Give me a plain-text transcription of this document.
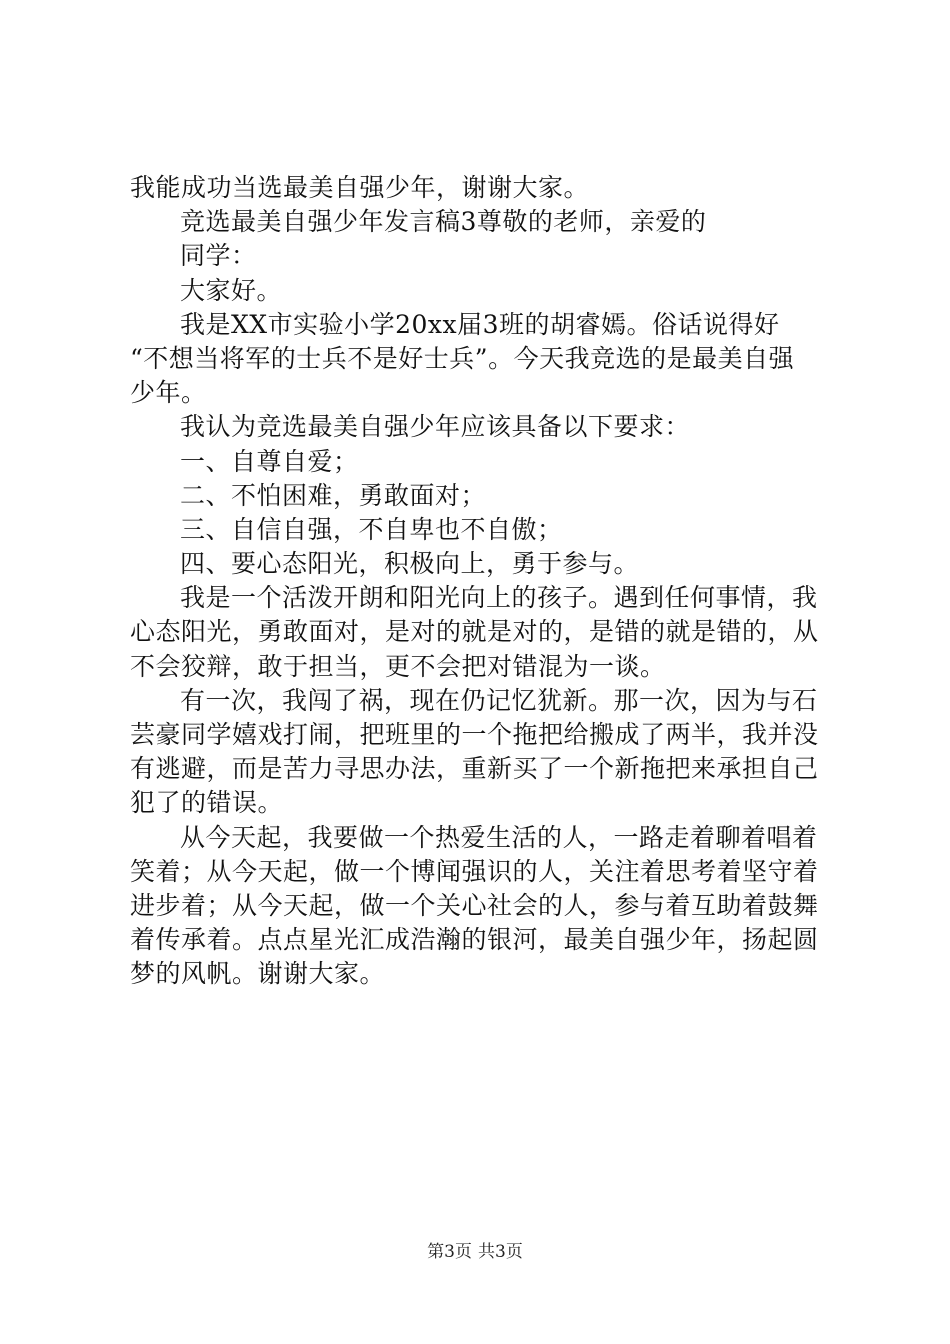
我能成功当选最美自强少年，谢谢大家。
竞选最美自强少年发言稿3尊敬的老师，亲爱的
同学：
大家好。
我是XX市实验小学20xx届3班的胡睿嫣。俗话说得好
“不想当将军的士兵不是好士兵”。今天我竞选的是最美自强
少年。
我认为竞选最美自强少年应该具备以下要求：
一、自尊自爱；
二、不怕困难，勇敢面对；
三、自信自强，不自卑也不自傲；
四、要心态阳光，积极向上，勇于参与。
我是一个活泼开朗和阳光向上的孩子。遇到任何事情，我
心态阳光，勇敢面对，是对的就是对的，是错的就是错的，从
不会狡辩，敢于担当，更不会把对错混为一谈。
有一次，我闯了祸，现在仍记忆犹新。那一次，因为与石
芸豪同学嬉戏打闹，把班里的一个拖把给搬成了两半，我并没
有逃避，而是苦力寻思办法，重新买了一个新拖把来承担自己
犯了的错误。
从今天起，我要做一个热爱生活的人，一路走着聊着唱着
笑着；从今天起，做一个博闻强识的人，关注着思考着坚守着
进步着；从今天起，做一个关心社会的人，参与着互助着鼓舞
着传承着。点点星光汇成浩瀚的银河，最美自强少年，扬起圆
梦的风帆。谢谢大家。
第3页 共3页
